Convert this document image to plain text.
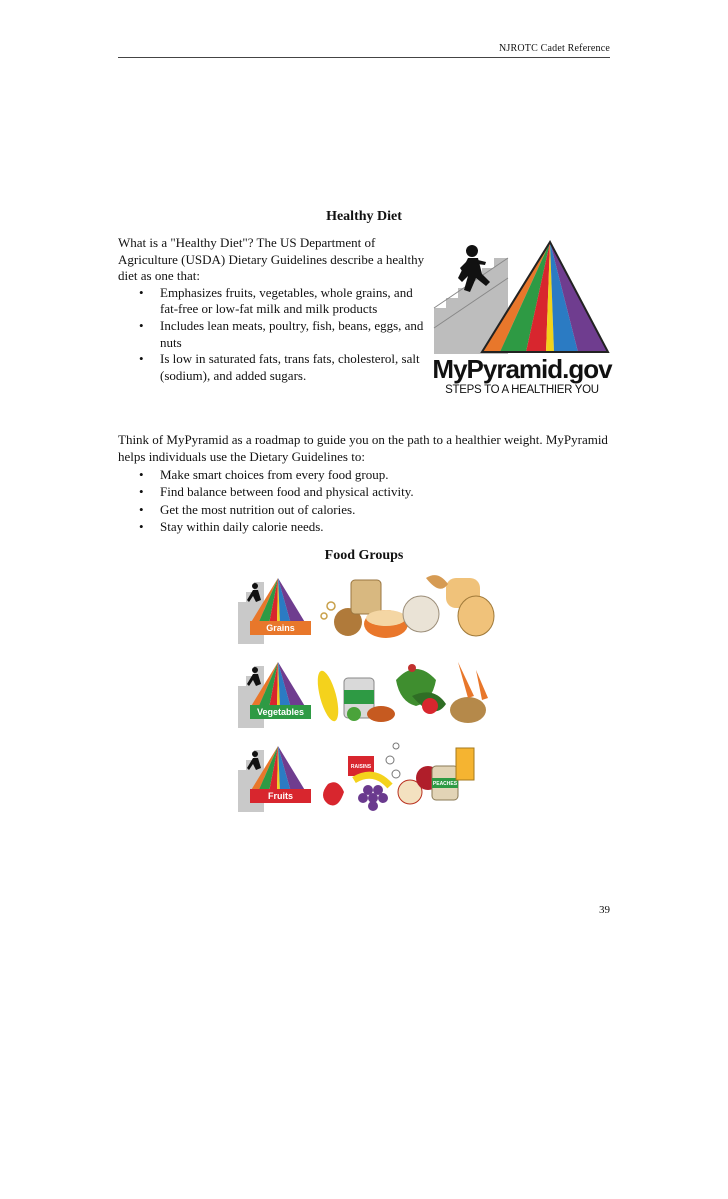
NJROTC Cadet Reference
Healthy Diet

What is a "Healthy Diet"? The US Department of Agriculture (USDA) Dietary Guidelines describe a healthy diet as one that:

• Emphasizes fruits, vegetables, whole grains, and fat-free or low-fat milk and milk products
• Includes lean meats, poultry, fish, beans, eggs, and nuts
• Is low in saturated fats, trans fats, cholesterol, salt (sodium), and added sugars.	MyPyramid.gov
STEPS TO A HEALTHIER YOU

Think of MyPyramid as a roadmap to guide you on the path to a healthier weight. MyPyramid helps individuals use the Dietary Guidelines to:

• Make smart choices from every food group.
• Find balance between food and physical activity.
• Get the most nutrition out of calories.
• Stay within daily calorie needs.
Food Groups
Grains
Vegetables
RAISINS
PEACHES
Fruits
39
